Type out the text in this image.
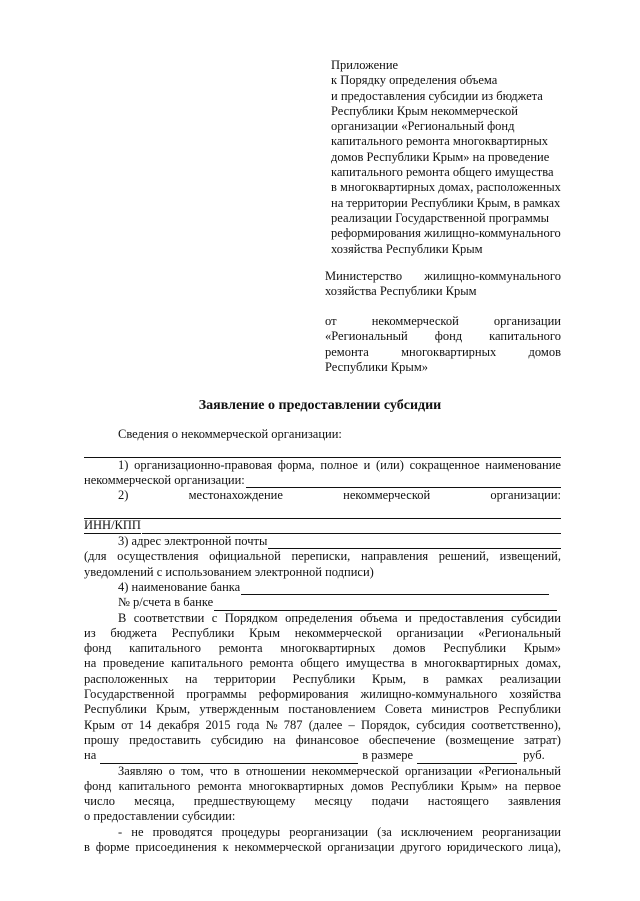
Приложение
к Порядку определения объема
и предоставления субсидии из бюджета
Республики Крым некоммерческой
организации «Региональный фонд
капитального ремонта многоквартирных
домов Республики Крым» на проведение
капитального ремонта общего имущества
в многоквартирных домах, расположенных
на территории Республики Крым, в рамках
реализации Государственной программы
реформирования жилищно-коммунального
хозяйства Республики Крым
Министерство жилищно-коммунального
хозяйства Республики Крым
от	некоммерческой	организации
«Региональный фонд капитального
ремонта	многоквартирных	домов
Республики Крым»
Заявление о предоставлении субсидии
Сведения о некоммерческой организации:
1) организационно-правовая форма, полное и (или) сокращенное наименование
некоммерческой организации:
2)	местонахождение	некоммерческой	организации:
ИНН/КПП
3) адрес электронной почты
(для осуществления официальной переписки, направления решений, извещений,
уведомлений с использованием электронной подписи)
4) наименование банка
№ р/счета в банке
В соответствии с Порядком определения объема и предоставления субсидии
из бюджета Республики Крым некоммерческой организации «Региональный
фонд капитального ремонта многоквартирных домов Республики Крым»
на проведение капитального ремонта общего имущества в многоквартирных домах,
расположенных на территории Республики Крым, в рамках реализации
Государственной программы реформирования жилищно-коммунального хозяйства
Республики Крым, утвержденным постановлением Совета министров Республики
Крым от 14 декабря 2015 года № 787 (далее – Порядок, субсидия соответственно),
прошу предоставить субсидию на финансовое обеспечение (возмещение затрат)
на	в размере	руб.
Заявляю о том, что в отношении некоммерческой организации «Региональный
фонд капитального ремонта многоквартирных домов Республики Крым» на первое
число месяца, предшествующему месяцу подачи настоящего заявления
о предоставлении субсидии:
- не проводятся процедуры реорганизации (за исключением реорганизации
в форме присоединения к некоммерческой организации другого юридического лица),
